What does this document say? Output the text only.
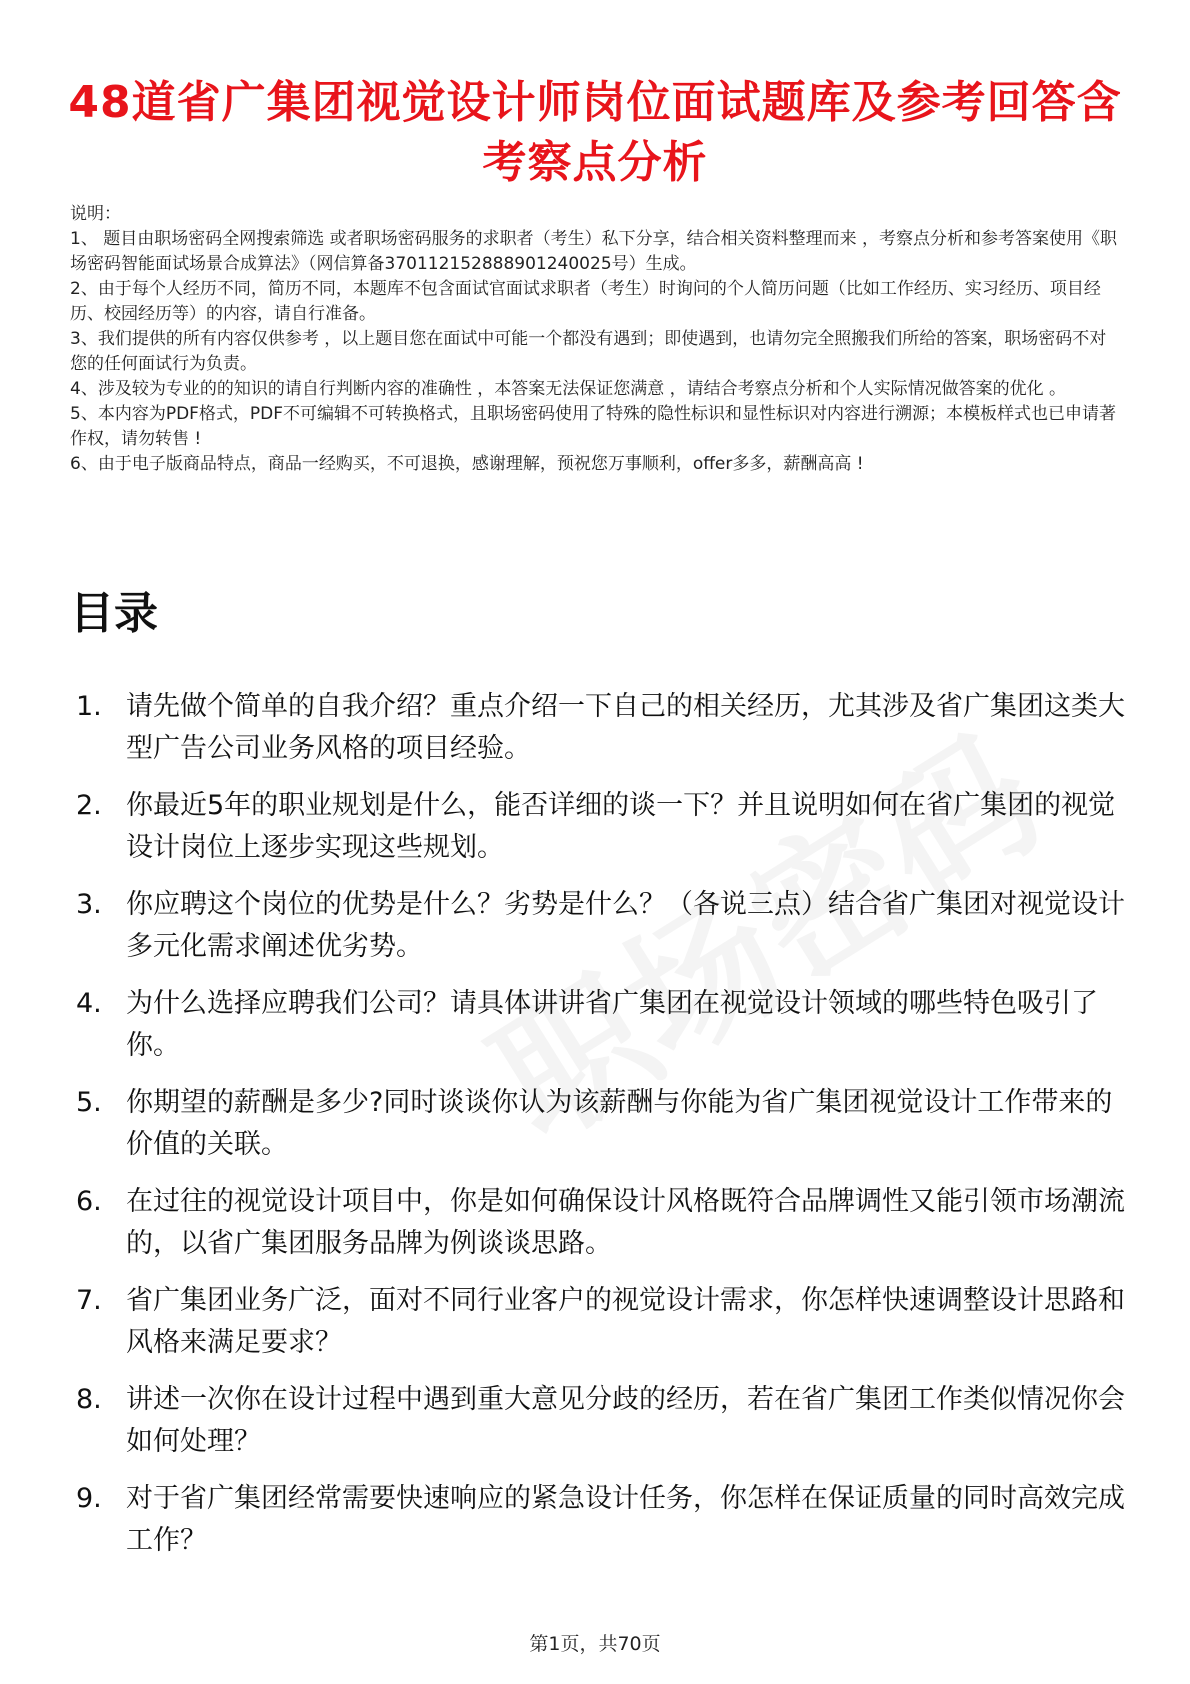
48道省广集团视觉设计师岗位面试题库及参考回答含考察点分析

说明：

1、 题目由职场密码全网搜索筛选 或者职场密码服务的求职者（考生）私下分享，结合相关资料整理而来 ，考察点分析和参考答案使用《职场密码智能面试场景合成算法》（网信算备370112152888901240025号）生成。

2、由于每个人经历不同，简历不同，本题库不包含面试官面试求职者（考生）时询问的个人简历问题（比如工作经历、实习经历、项目经历、校园经历等）的内容，请自行准备。

3、我们提供的所有内容仅供参考 ，以上题目您在面试中可能一个都没有遇到；即使遇到，也请勿完全照搬我们所给的答案，职场密码不对您的任何面试行为负责。

4、涉及较为专业的的知识的请自行判断内容的准确性 ，本答案无法保证您满意 ，请结合考察点分析和个人实际情况做答案的优化 。

5、本内容为PDF格式，PDF不可编辑不可转换格式，且职场密码使用了特殊的隐性标识和显性标识对内容进行溯源；本模板样式也已申请著作权，请勿转售 !

6、由于电子版商品特点，商品一经购买，不可退换，感谢理解，预祝您万事顺利，offer多多，薪酬高高 !

目录
1. 请先做个简单的自我介绍？重点介绍一下自己的相关经历，尤其涉及省广集团这类大型广告公司业务风格的项目经验。
2. 你最近5年的职业规划是什么，能否详细的谈一下？并且说明如何在省广集团的视觉设计岗位上逐步实现这些规划。
3. 你应聘这个岗位的优势是什么？劣势是什么？（各说三点）结合省广集团对视觉设计多元化需求阐述优劣势。
4. 为什么选择应聘我们公司？请具体讲讲省广集团在视觉设计领域的哪些特色吸引了你。
5. 你期望的薪酬是多少?同时谈谈你认为该薪酬与你能为省广集团视觉设计工作带来的价值的关联。
6. 在过往的视觉设计项目中，你是如何确保设计风格既符合品牌调性又能引领市场潮流的，以省广集团服务品牌为例谈谈思路。
7. 省广集团业务广泛，面对不同行业客户的视觉设计需求，你怎样快速调整设计思路和风格来满足要求？
8. 讲述一次你在设计过程中遇到重大意见分歧的经历，若在省广集团工作类似情况你会如何处理？
9. 对于省广集团经常需要快速响应的紧急设计任务，你怎样在保证质量的同时高效完成工作？
第1页，共70页
